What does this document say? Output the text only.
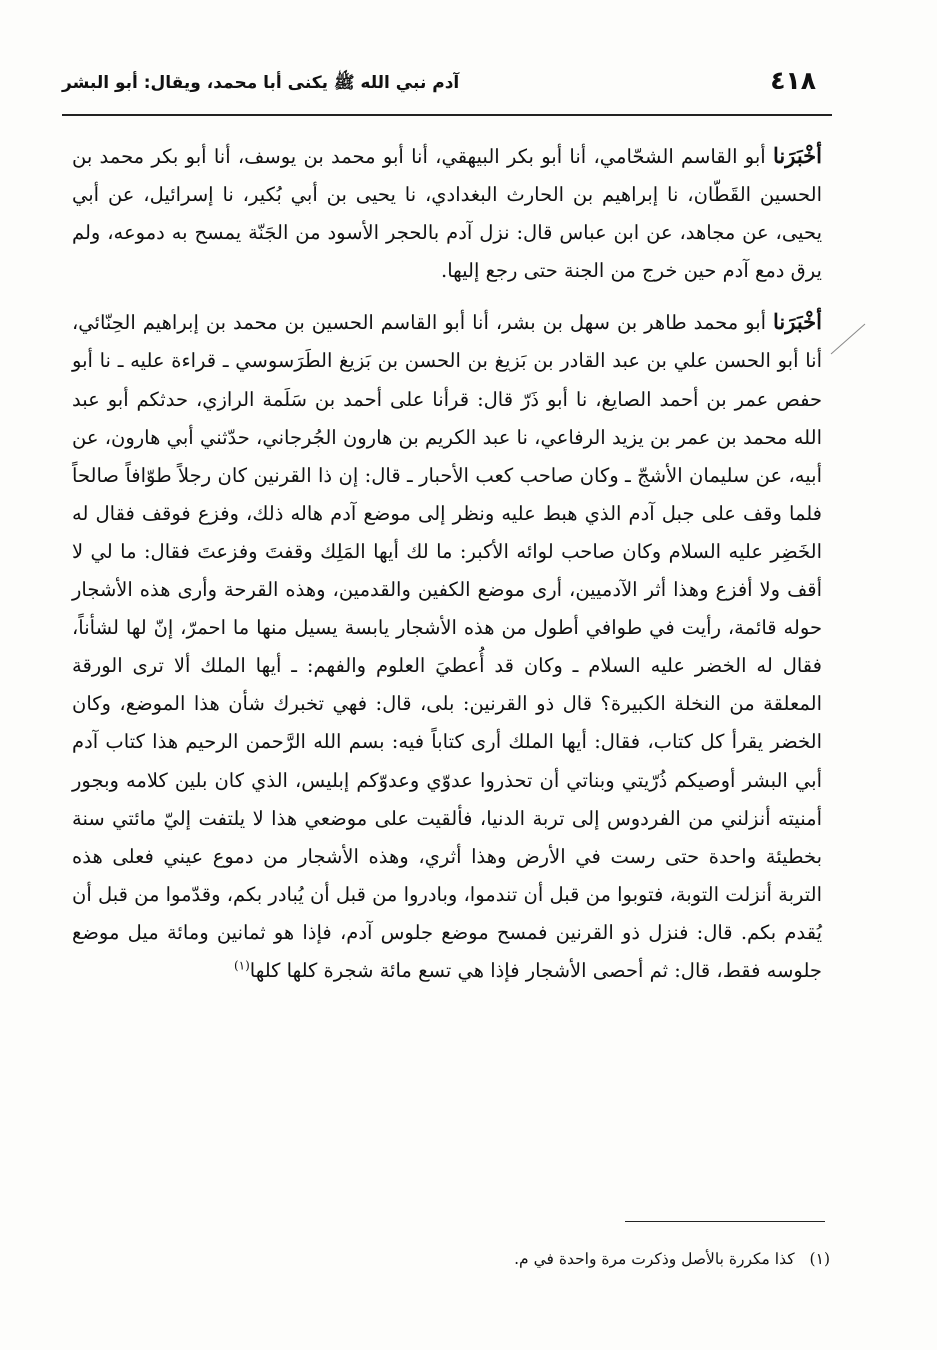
٤١٨
آدم نبي الله ﷺ يكنى أبا محمد، ويقال: أبو البشر

أخْبَرَنا أبو القاسم الشحّامي، أنا أبو بكر البيهقي، أنا أبو محمد بن يوسف، أنا أبو بكر محمد بن الحسين القَطّان، نا إبراهيم بن الحارث البغدادي، نا يحيى بن أبي بُكير، نا إسرائيل، عن أبي يحيى، عن مجاهد، عن ابن عباس قال: نزل آدم بالحجر الأسود من الجَنّة يمسح به دموعه، ولم يرق دمع آدم حين خرج من الجنة حتى رجع إليها.

أخْبَرَنا أبو محمد طاهر بن سهل بن بشر، أنا أبو القاسم الحسين بن محمد بن إبراهيم الحِنّائي، أنا أبو الحسن علي بن عبد القادر بن بَزيغ بن الحسن بن بَزيغ الطَرَسوسي ـ قراءة عليه ـ نا أبو حفص عمر بن أحمد الصايغ، نا أبو ذَرّ قال: قرأنا على أحمد بن سَلَمة الرازي، حدثكم أبو عبد الله محمد بن عمر بن يزيد الرفاعي، نا عبد الكريم بن هارون الجُرجاني، حدّثني أبي هارون، عن أبيه، عن سليمان الأشجّ ـ وكان صاحب كعب الأحبار ـ قال: إن ذا القرنين كان رجلاً طوّافاً صالحاً فلما وقف على جبل آدم الذي هبط عليه ونظر إلى موضع آدم هاله ذلك، وفزع فوقف فقال له الخَضِر عليه السلام وكان صاحب لوائه الأكبر: ما لك أيها المَلِك وقفتَ وفزعتَ فقال: ما لي لا أقف ولا أفزع وهذا أثر الآدميين، أرى موضع الكفين والقدمين، وهذه القرحة وأرى هذه الأشجار حوله قائمة، رأيت في طوافي أطول من هذه الأشجار يابسة يسيل منها ما احمرّ، إنّ لها لشأناً، فقال له الخضر عليه السلام ـ وكان قد أُعطيَ العلوم والفهم: ـ أيها الملك ألا ترى الورقة المعلقة من النخلة الكبيرة؟ قال ذو القرنين: بلى، قال: فهي تخبرك شأن هذا الموضع، وكان الخضر يقرأ كل كتاب، فقال: أيها الملك أرى كتاباً فيه: بسم الله الرَّحمن الرحيم هذا كتاب آدم أبي البشر أوصيكم ذُرّيتي وبناتي أن تحذروا عدوّي وعدوّكم إبليس، الذي كان بلين كلامه وبجور أمنيته أنزلني من الفردوس إلى تربة الدنيا، فألقيت على موضعي هذا لا يلتفت إليّ مائتي سنة بخطيئة واحدة حتى رست في الأرض وهذا أثري، وهذه الأشجار من دموع عيني فعلى هذه التربة أنزلت التوبة، فتوبوا من قبل أن تندموا، وبادروا من قبل أن يُبادر بكم، وقدّموا من قبل أن يُقدم بكم. قال: فنزل ذو القرنين فمسح موضع جلوس آدم، فإذا هو ثمانين ومائة ميل موضع جلوسه فقط، قال: ثم أحصى الأشجار فإذا هي تسع مائة شجرة كلها كلها$^{(١)}$

(١) كذا مكررة بالأصل وذكرت مرة واحدة في م.
